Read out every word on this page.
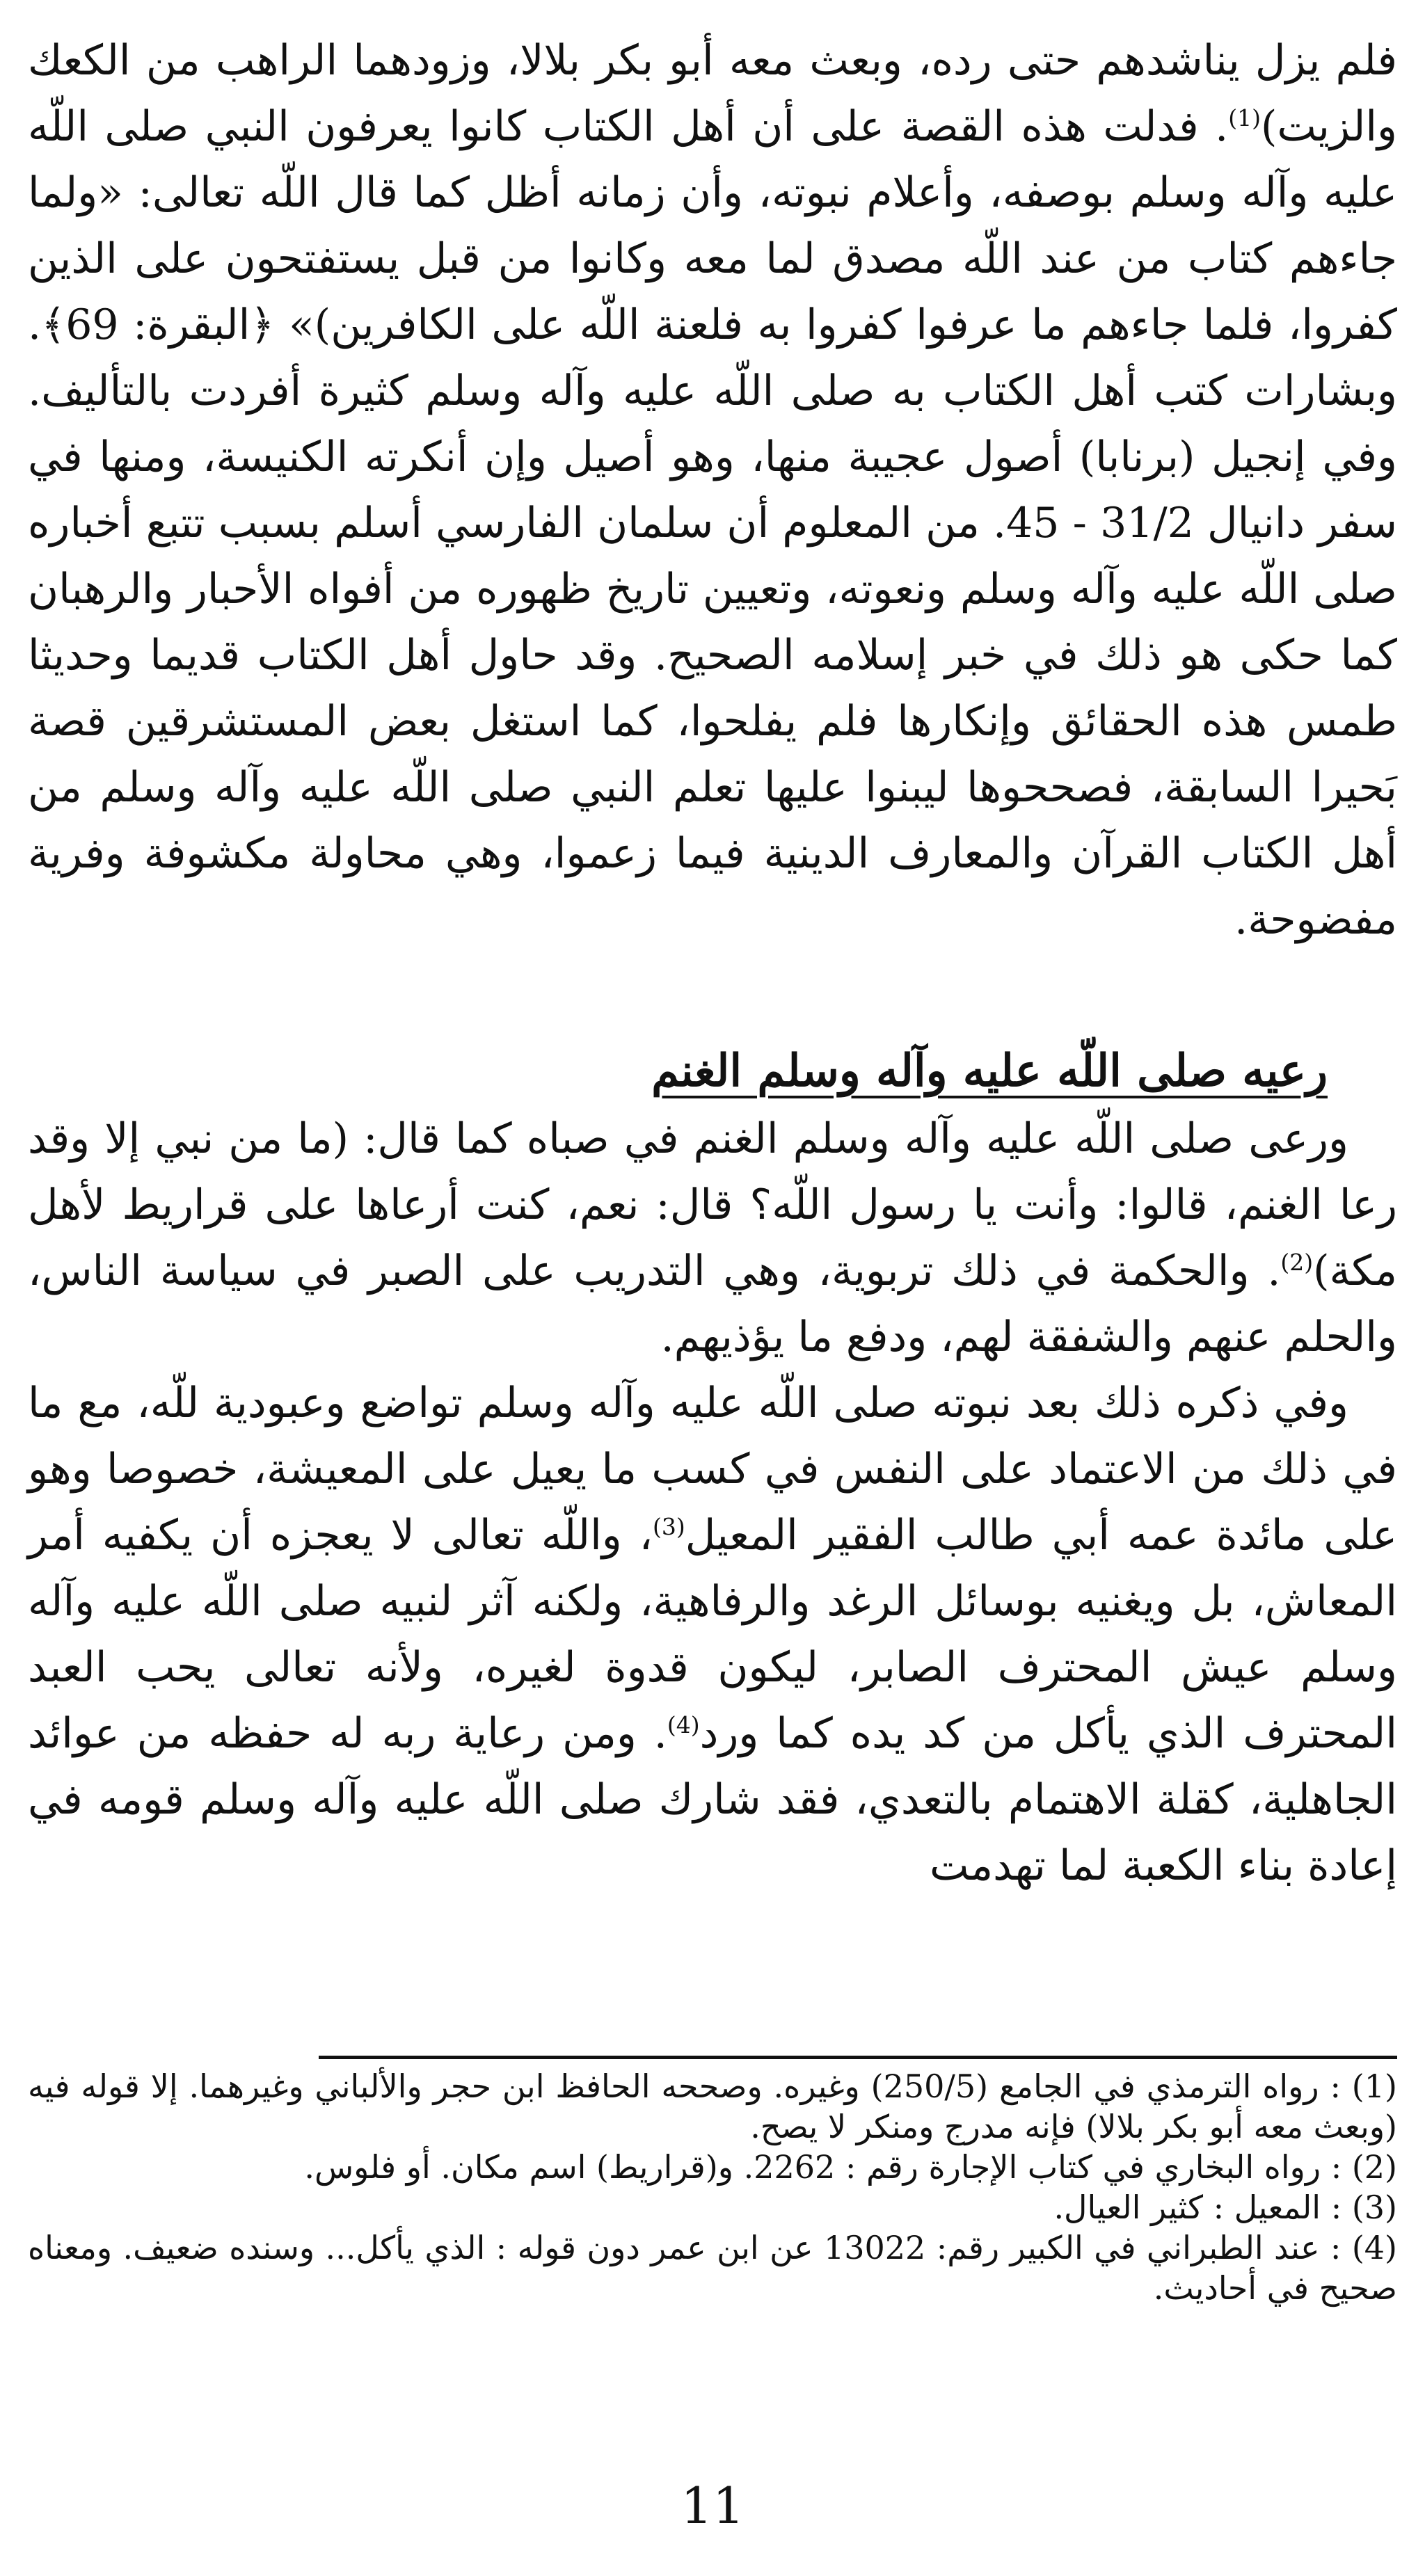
فلم يزل يناشدهم حتى رده، وبعث معه أبو بكر بلالا، وزودهما الراهب من الكعك والزيت)$^{(1)}$. فدلت هذه القصة على أن أهل الكتاب كانوا يعرفون النبي صلى اللّه عليه وآله وسلم بوصفه، وأعلام نبوته، وأن زمانه أظل كما قال اللّه تعالى: «ولما جاءهم كتاب من عند اللّه مصدق لما معه وكانوا من قبل يستفتحون على الذين كفروا، فلما جاءهم ما عرفوا كفروا به فلعنة اللّه على الكافرين)» ﴿البقرة: 69﴾. وبشارات كتب أهل الكتاب به صلى اللّه عليه وآله وسلم كثيرة أفردت بالتأليف. وفي إنجيل (برنابا) أصول عجيبة منها، وهو أصيل وإن أنكرته الكنيسة، ومنها في سفر دانيال 31/2 - 45. من المعلوم أن سلمان الفارسي أسلم بسبب تتبع أخباره صلى اللّه عليه وآله وسلم ونعوته، وتعيين تاريخ ظهوره من أفواه الأحبار والرهبان كما حكى هو ذلك في خبر إسلامه الصحيح. وقد حاول أهل الكتاب قديما وحديثا طمس هذه الحقائق وإنكارها فلم يفلحوا، كما استغل بعض المستشرقين قصة بَحيرا السابقة، فصححوها ليبنوا عليها تعلم النبي صلى اللّه عليه وآله وسلم من أهل الكتاب القرآن والمعارف الدينية فيما زعموا، وهي محاولة مكشوفة وفرية مفضوحة.

رعيه صلى اللّه عليه وآله وسلم الغنم

ورعى صلى اللّه عليه وآله وسلم الغنم في صباه كما قال: (ما من نبي إلا وقد رعا الغنم، قالوا: وأنت يا رسول اللّه؟ قال: نعم، كنت أرعاها على قراريط لأهل مكة)$^{(2)}$. والحكمة في ذلك تربوية، وهي التدريب على الصبر في سياسة الناس، والحلم عنهم والشفقة لهم، ودفع ما يؤذيهم.

وفي ذكره ذلك بعد نبوته صلى اللّه عليه وآله وسلم تواضع وعبودية للّه، مع ما في ذلك من الاعتماد على النفس في كسب ما يعيل على المعيشة، خصوصا وهو على مائدة عمه أبي طالب الفقير المعيل$^{(3)}$، واللّه تعالى لا يعجزه أن يكفيه أمر المعاش، بل ويغنيه بوسائل الرغد والرفاهية، ولكنه آثر لنبيه صلى اللّه عليه وآله وسلم عيش المحترف الصابر، ليكون قدوة لغيره، ولأنه تعالى يحب العبد المحترف الذي يأكل من كد يده كما ورد$^{(4)}$. ومن رعاية ربه له حفظه من عوائد الجاهلية، كقلة الاهتمام بالتعدي، فقد شارك صلى اللّه عليه وآله وسلم قومه في إعادة بناء الكعبة لما تهدمت

(1) : رواه الترمذي في الجامع (250/5) وغيره. وصححه الحافظ ابن حجر والألباني وغيرهما. إلا قوله فيه (وبعث معه أبو بكر بلالا) فإنه مدرج ومنكر لا يصح.

(2) : رواه البخاري في كتاب الإجارة رقم : 2262. و(قراريط) اسم مكان. أو فلوس.

(3) : المعيل : كثير العيال.

(4) : عند الطبراني في الكبير رقم: 13022 عن ابن عمر دون قوله : الذي يأكل... وسنده ضعيف. ومعناه صحيح في أحاديث.

11
